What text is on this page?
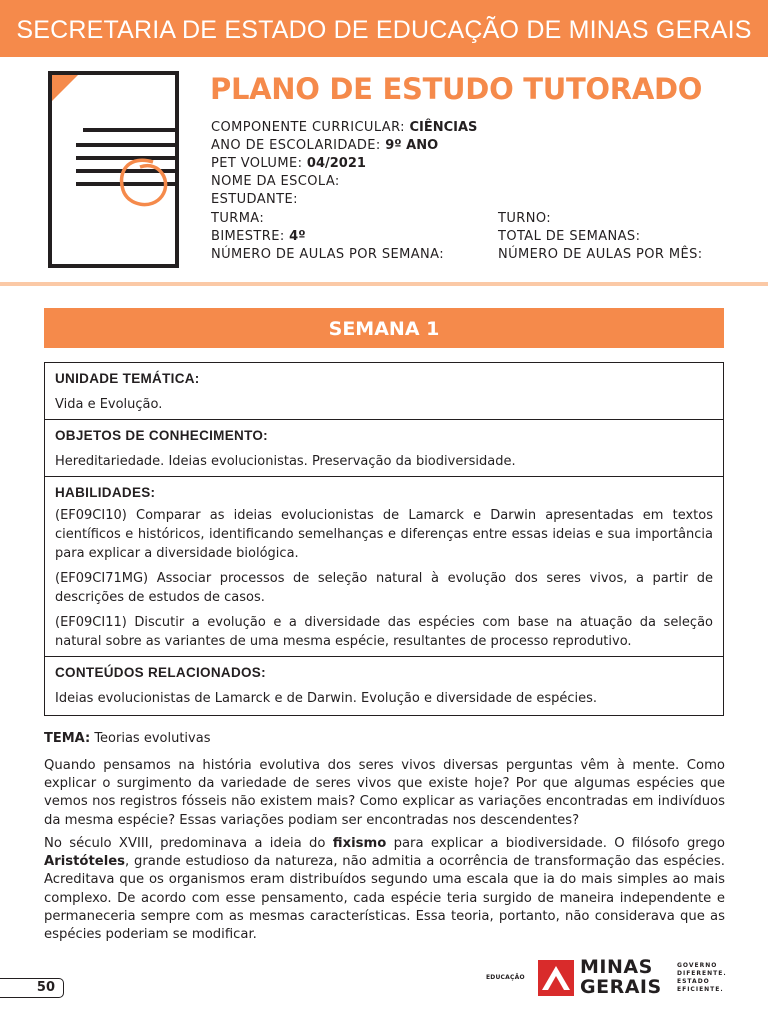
SECRETARIA DE ESTADO DE EDUCAÇÃO DE MINAS GERAIS
PLANO DE ESTUDO TUTORADO
COMPONENTE CURRICULAR: CIÊNCIAS
ANO DE ESCOLARIDADE: 9º ANO
PET VOLUME: 04/2021
NOME DA ESCOLA:
ESTUDANTE:
TURMA:	TURNO:
BIMESTRE: 4º	TOTAL DE SEMANAS:
NÚMERO DE AULAS POR SEMANA:	NÚMERO DE AULAS POR MÊS:
SEMANA 1
UNIDADE TEMÁTICA:
Vida e Evolução.
OBJETOS DE CONHECIMENTO:
Hereditariedade. Ideias evolucionistas. Preservação da biodiversidade.
HABILIDADES:
(EF09CI10) Comparar as ideias evolucionistas de Lamarck e Darwin apresentadas em textos científicos e históricos, identificando semelhanças e diferenças entre essas ideias e sua importância para explicar a diversidade biológica.
(EF09CI71MG) Associar processos de seleção natural à evolução dos seres vivos, a partir de descrições de estudos de casos.
(EF09CI11) Discutir a evolução e a diversidade das espécies com base na atuação da seleção natural sobre as variantes de uma mesma espécie, resultantes de processo reprodutivo.
CONTEÚDOS RELACIONADOS:
Ideias evolucionistas de Lamarck e de Darwin. Evolução e diversidade de espécies.
TEMA: Teorias evolutivas
Quando pensamos na história evolutiva dos seres vivos diversas perguntas vêm à mente. Como explicar o surgimento da variedade de seres vivos que existe hoje? Por que algumas espécies que vemos nos registros fósseis não existem mais? Como explicar as variações encontradas em indivíduos da mesma espécie? Essas variações podiam ser encontradas nos descendentes?
No século XVIII, predominava a ideia do fixismo para explicar a biodiversidade. O filósofo grego Aristóteles, grande estudioso da natureza, não admitia a ocorrência de transformação das espécies. Acreditava que os organismos eram distribuídos segundo uma escala que ia do mais simples ao mais complexo. De acordo com esse pensamento, cada espécie teria surgido de maneira independente e permaneceria sempre com as mesmas características. Essa teoria, portanto, não considerava que as espécies poderiam se modificar.
50
EDUCAÇÃO	MINAS
GERAIS
GOVERNO
DIFERENTE.
ESTADO
EFICIENTE.
